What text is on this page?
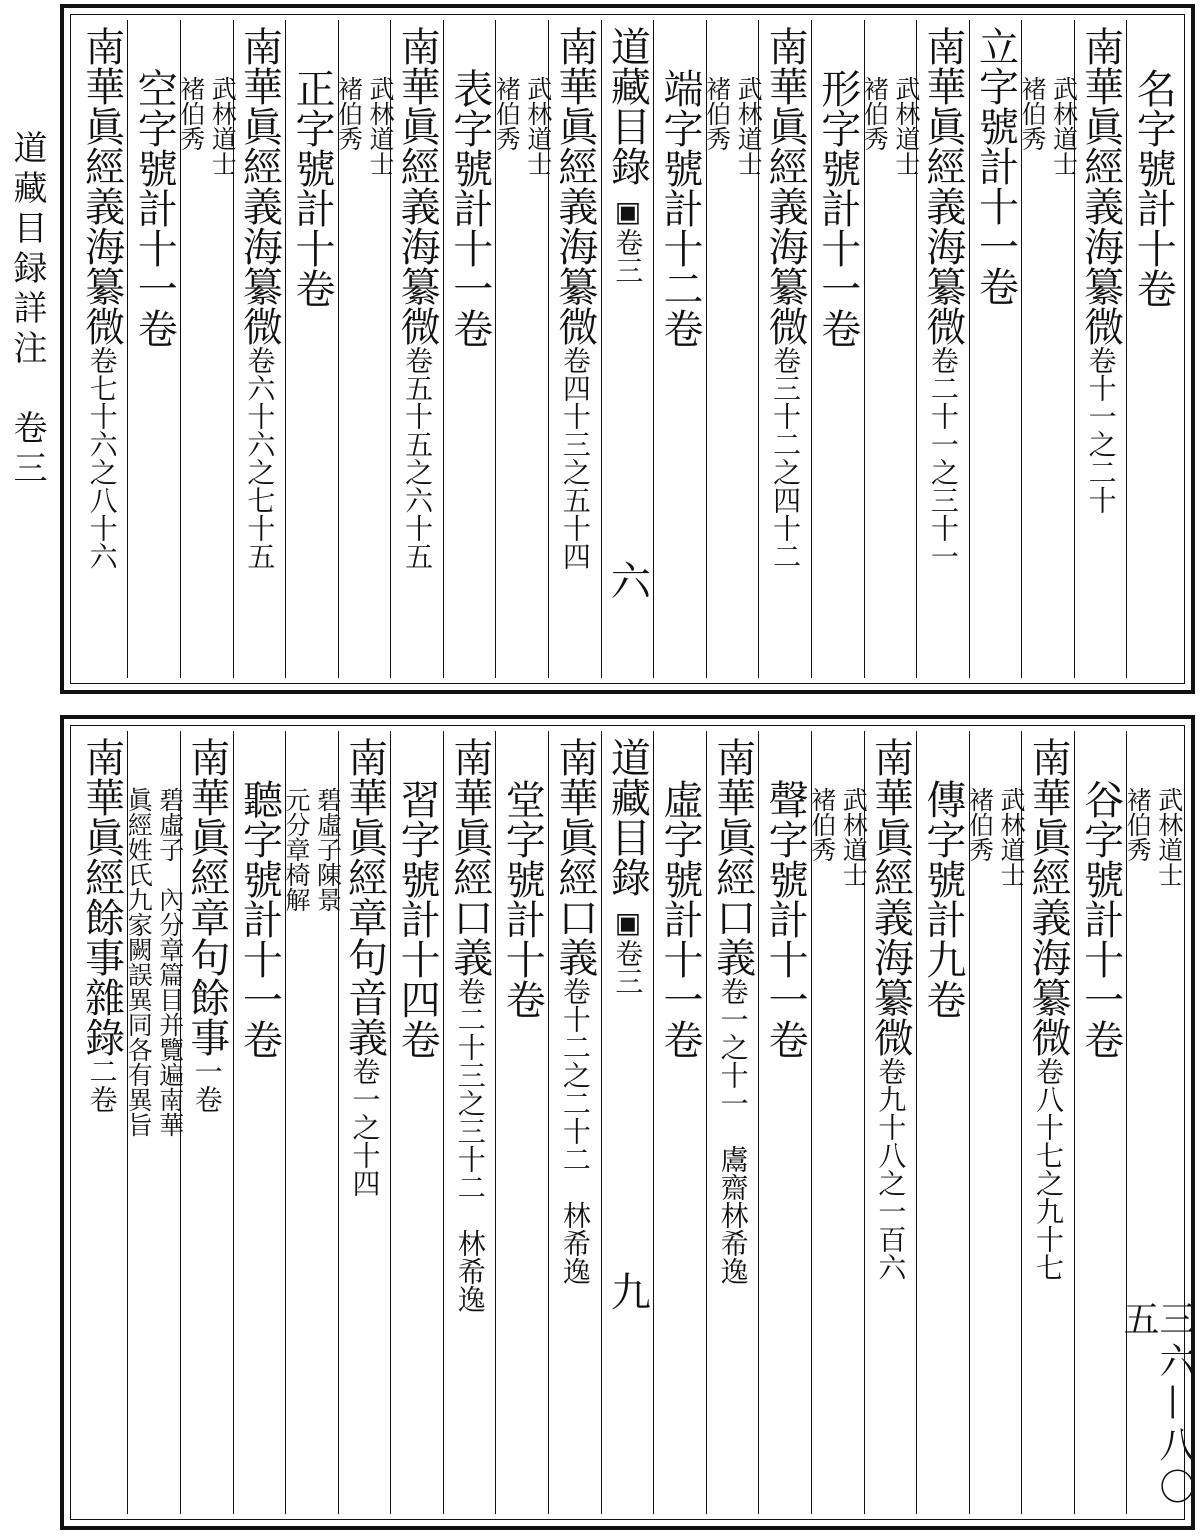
道藏目録詳注　卷三
三六—八〇五
名字號計十卷
南華眞經義海纂微卷十一之二十
武林道士
褚伯秀
立字號計十一卷
南華眞經義海纂微卷二十一之三十一
武林道士
褚伯秀
形字號計十一卷
南華眞經義海纂微卷三十二之四十二
武林道士
褚伯秀
端字號計十二卷
道藏目錄 ▣卷三
六
南華眞經義海纂微卷四十三之五十四
武林道士
褚伯秀
表字號計十一卷
南華眞經義海纂微卷五十五之六十五
武林道士
褚伯秀
正字號計十卷
南華眞經義海纂微卷六十六之七十五
武林道士
褚伯秀
空字號計十一卷
南華眞經義海纂微卷七十六之八十六
武林道士
褚伯秀
谷字號計十一卷
南華眞經義海纂微卷八十七之九十七
武林道士
褚伯秀
傳字號計九卷
南華眞經義海纂微卷九十八之一百六
武林道士
褚伯秀
聲字號計十一卷
南華眞經口義卷一之十一　鬳齋林希逸
虛字號計十一卷
道藏目錄 ▣卷三
九
南華眞經口義卷十二之二十二　林希逸
堂字號計十卷
南華眞經口義卷二十三之三十二　林希逸
習字號計十四卷
南華眞經章句音義卷一之十四
碧虛子陳景
元分章椅解
聽字號計十一卷
南華眞經章句餘事一卷
碧虛子　內分章篇目并覽遍南華
眞經姓氏九家闕誤異同各有異旨
南華眞經餘事雜錄二卷
